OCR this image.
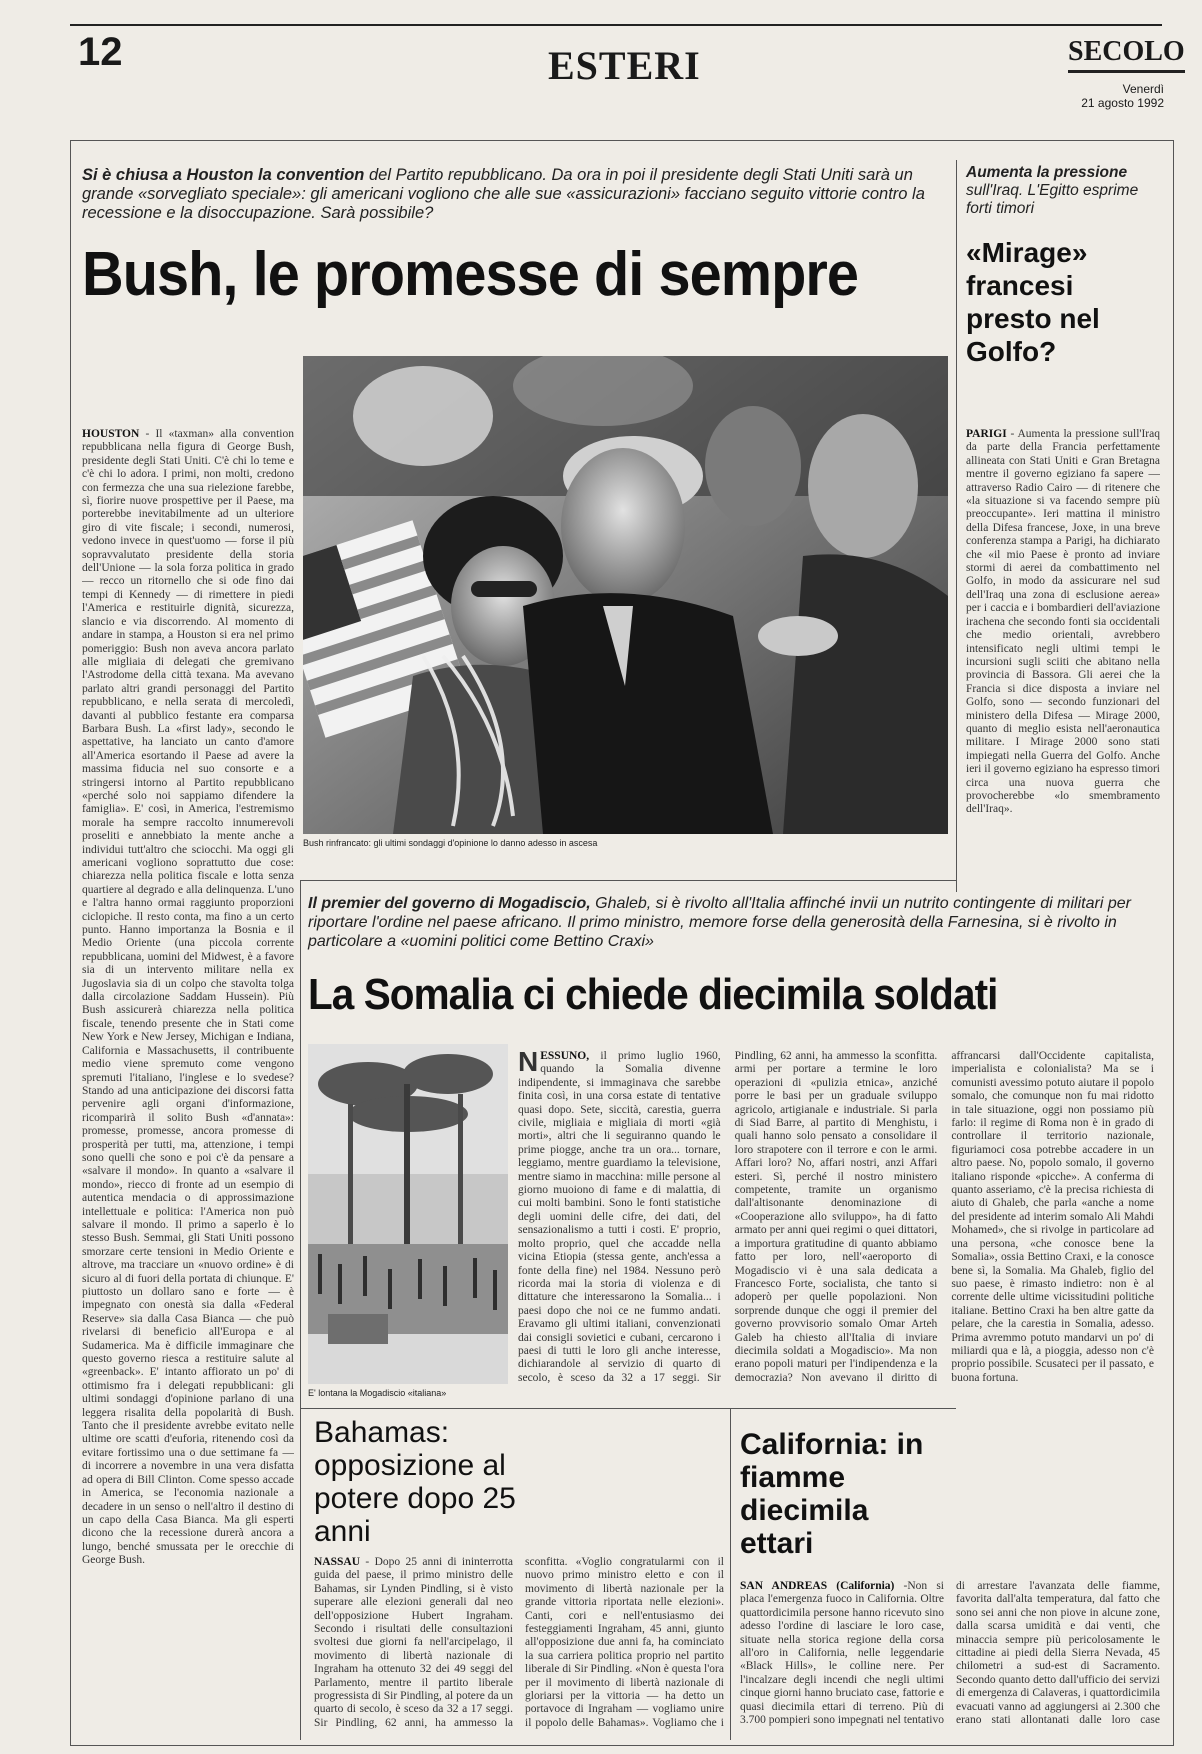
12	ESTERI	SECOLO
Venerdì
21 agosto 1992
Si è chiusa a Houston la convention del Partito repubblicano. Da ora in poi il presidente degli Stati Uniti sarà un grande «sorvegliato speciale»: gli americani vogliono che alle sue «assicurazioni» facciano seguito vittorie contro la recessione e la disoccupazione. Sarà possibile?
Bush, le promesse di sempre
Bush rinfrancato: gli ultimi sondaggi d'opinione lo danno adesso in ascesa
HOUSTON - Il «taxman» alla convention repubblicana nella figura di George Bush, presidente degli Stati Uniti. C'è chi lo teme e c'è chi lo adora. I primi, non molti, credono con fermezza che una sua rielezione farebbe, sì, fiorire nuove prospettive per il Paese, ma porterebbe inevitabilmente ad un ulteriore giro di vite fiscale; i secondi, numerosi, vedono invece in quest'uomo — forse il più sopravvalutato presidente della storia dell'Unione — la sola forza politica in grado — recco un ritornello che si ode fino dai tempi di Kennedy — di rimettere in piedi l'America e restituirle dignità, sicurezza, slancio e via discorrendo. Al momento di andare in stampa, a Houston si era nel primo pomeriggio: Bush non aveva ancora parlato alle migliaia di delegati che gremivano l'Astrodome della città texana. Ma avevano parlato altri grandi personaggi del Partito repubblicano, e nella serata di mercoledì, davanti al pubblico festante era comparsa Barbara Bush. La «first lady», secondo le aspettative, ha lanciato un canto d'amore all'America esortando il Paese ad avere la massima fiducia nel suo consorte e a stringersi intorno al Partito repubblicano «perché solo noi sappiamo difendere la famiglia». E' così, in America, l'estremismo morale ha sempre raccolto innumerevoli proseliti e annebbiato la mente anche a individui tutt'altro che sciocchi. Ma oggi gli americani vogliono soprattutto due cose: chiarezza nella politica fiscale e lotta senza quartiere al degrado e alla delinquenza. L'uno e l'altra hanno ormai raggiunto proporzioni ciclopiche. Il resto conta, ma fino a un certo punto. Hanno importanza la Bosnia e il Medio Oriente (una piccola corrente repubblicana, uomini del Midwest, è a favore sia di un intervento militare nella ex Jugoslavia sia di un colpo che stavolta tolga dalla circolazione Saddam Hussein). Più Bush assicurerà chiarezza nella politica fiscale, tenendo presente che in Stati come New York e New Jersey, Michigan e Indiana, California e Massachusetts, il contribuente medio viene spremuto come vengono spremuti l'italiano, l'inglese e lo svedese? Stando ad una anticipazione dei discorsi fatta pervenire agli organi d'informazione, ricomparirà il solito Bush «d'annata»: promesse, promesse, ancora promesse di prosperità per tutti, ma, attenzione, i tempi sono quelli che sono e poi c'è da pensare a «salvare il mondo». In quanto a «salvare il mondo», riecco di fronte ad un esempio di autentica mendacia o di approssimazione intellettuale e politica: l'America non può salvare il mondo. Il primo a saperlo è lo stesso Bush. Semmai, gli Stati Uniti possono smorzare certe tensioni in Medio Oriente e altrove, ma tracciare un «nuovo ordine» è di sicuro al di fuori della portata di chiunque. E' piuttosto un dollaro sano e forte — è impegnato con onestà sia dalla «Federal Reserve» sia dalla Casa Bianca — che può rivelarsi di beneficio all'Europa e al Sudamerica. Ma è difficile immaginare che questo governo riesca a restituire salute al «greenback». E' intanto affiorato un po' di ottimismo fra i delegati repubblicani: gli ultimi sondaggi d'opinione parlano di una leggera risalita della popolarità di Bush. Tanto che il presidente avrebbe evitato nelle ultime ore scatti d'euforia, ritenendo così da evitare fortissimo una o due settimane fa — di incorrere a novembre in una vera disfatta ad opera di Bill Clinton. Come spesso accade in America, se l'economia nazionale a decadere in un senso o nell'altro il destino di un capo della Casa Bianca. Ma gli esperti dicono che la recessione durerà ancora a lungo, benché smussata per le orecchie di George Bush.
Aumenta la pressione sull'Iraq. L'Egitto esprime forti timori
«Mirage» francesi presto nel Golfo?
PARIGI - Aumenta la pressione sull'Iraq da parte della Francia perfettamente allineata con Stati Uniti e Gran Bretagna mentre il governo egiziano fa sapere — attraverso Radio Cairo — di ritenere che «la situazione si va facendo sempre più preoccupante». Ieri mattina il ministro della Difesa francese, Joxe, in una breve conferenza stampa a Parigi, ha dichiarato che «il mio Paese è pronto ad inviare stormi di aerei da combattimento nel Golfo, in modo da assicurare nel sud dell'Iraq una zona di esclusione aerea» per i caccia e i bombardieri dell'aviazione irachena che secondo fonti sia occidentali che medio orientali, avrebbero intensificato negli ultimi tempi le incursioni sugli sciiti che abitano nella provincia di Bassora. Gli aerei che la Francia si dice disposta a inviare nel Golfo, sono — secondo funzionari del ministero della Difesa — Mirage 2000, quanto di meglio esista nell'aeronautica militare. I Mirage 2000 sono stati impiegati nella Guerra del Golfo. Anche ieri il governo egiziano ha espresso timori circa una nuova guerra che provocherebbe «lo smembramento dell'Iraq».
Il premier del governo di Mogadiscio, Ghaleb, si è rivolto all'Italia affinché invii un nutrito contingente di militari per riportare l'ordine nel paese africano. Il primo ministro, memore forse della generosità della Farnesina, si è rivolto in particolare a «uomini politici come Bettino Craxi»
La Somalia ci chiede diecimila soldati
E' lontana la Mogadiscio «italiana»
NESSUNO, il primo luglio 1960, quando la Somalia divenne indipendente, si immaginava che sarebbe finita così, in una corsa estate di tentative quasi dopo. Sete, siccità, carestia, guerra civile, migliaia e migliaia di morti «già morti», altri che li seguiranno quando le prime piogge, anche tra un ora... tornare, leggiamo, mentre guardiamo la televisione, mentre siamo in macchina: mille persone al giorno muoiono di fame e di malattia, di cui molti bambini. Sono le fonti statistiche degli uomini delle cifre, dei dati, del sensazionalismo a tutti i costi. E' proprio, molto proprio, quel che accadde nella vicina Etiopia (stessa gente, anch'essa a fonte della fine) nel 1984. Nessuno però ricorda mai la storia di violenza e di dittature che interessarono la Somalia... i paesi dopo che noi ce ne fummo andati. Eravamo gli ultimi italiani, convenzionati dai consigli sovietici e cubani, cercarono i paesi di tutti le loro gli anche interesse, dichiarandole al servizio di quarto di secolo, è sceso da 32 a 17 seggi. Sir Pindling, 62 anni, ha ammesso la sconfitta. armi per portare a termine le loro operazioni di «pulizia etnica», anziché porre le basi per un graduale sviluppo agricolo, artigianale e industriale. Si parla di Siad Barre, al partito di Menghistu, i quali hanno solo pensato a consolidare il loro strapotere con il terrore e con le armi. Affari loro? No, affari nostri, anzi Affari esteri. Sì, perché il nostro ministero competente, tramite un organismo dall'altisonante denominazione di «Cooperazione allo sviluppo», ha di fatto armato per anni quei regimi o quei dittatori, a importura gratitudine di quanto abbiamo fatto per loro, nell'«aeroporto di Mogadiscio vi è una sala dedicata a Francesco Forte, socialista, che tanto si adoperò per quelle popolazioni. Non sorprende dunque che oggi il premier del governo provvisorio somalo Omar Arteh Galeb ha chiesto all'Italia di inviare diecimila soldati a Mogadiscio». Ma non erano popoli maturi per l'indipendenza e la democrazia? Non avevano il diritto di affrancarsi dall'Occidente capitalista, imperialista e colonialista? Ma se i comunisti avessimo potuto aiutare il popolo somalo, che comunque non fu mai ridotto in tale situazione, oggi non possiamo più farlo: il regime di Roma non è in grado di controllare il territorio nazionale, figuriamoci cosa potrebbe accadere in un altro paese. No, popolo somalo, il governo italiano risponde «picche». A conferma di quanto asseriamo, c'è la precisa richiesta di aiuto di Ghaleb, che parla «anche a nome del presidente ad interim somalo Ali Mahdi Mohamed», che si rivolge in particolare ad una persona, «che conosce bene la Somalia», ossia Bettino Craxi, e la conosce bene sì, la Somalia. Ma Ghaleb, figlio del suo paese, è rimasto indietro: non è al corrente delle ultime vicissitudini politiche italiane. Bettino Craxi ha ben altre gatte da pelare, che la carestia in Somalia, adesso. Prima avremmo potuto mandarvi un po' di miliardi qua e là, a pioggia, adesso non c'è proprio possibile. Scusateci per il passato, e buona fortuna.
Bahamas: opposizione al potere dopo 25 anni
NASSAU - Dopo 25 anni di ininterrotta guida del paese, il primo ministro delle Bahamas, sir Lynden Pindling, si è visto superare alle elezioni generali dal neo dell'opposizione Hubert Ingraham. Secondo i risultati delle consultazioni svoltesi due giorni fa nell'arcipelago, il movimento di libertà nazionale di Ingraham ha ottenuto 32 dei 49 seggi del Parlamento, mentre il partito liberale progressista di Sir Pindling, al potere da un quarto di secolo, è sceso da 32 a 17 seggi. Sir Pindling, 62 anni, ha ammesso la sconfitta. «Voglio congratularmi con il nuovo primo ministro eletto e con il movimento di libertà nazionale per la grande vittoria riportata nelle elezioni». Canti, cori e nell'entusiasmo dei festeggiamenti Ingraham, 45 anni, giunto all'opposizione due anni fa, ha cominciato la sua carriera politica proprio nel partito liberale di Sir Pindling. «Non è questa l'ora per il movimento di libertà nazionale di gloriarsi per la vittoria — ha detto un portavoce di Ingraham — vogliamo unire il popolo delle Bahamas». Vogliamo che i
California: in fiamme diecimila ettari
SAN ANDREAS (California) -Non si placa l'emergenza fuoco in California. Oltre quattordicimila persone hanno ricevuto sino adesso l'ordine di lasciare le loro case, situate nella storica regione della corsa all'oro in California, nelle leggendarie «Black Hills», le colline nere. Per l'incalzare degli incendi che negli ultimi cinque giorni hanno bruciato case, fattorie e quasi diecimila ettari di terreno. Più di 3.700 pompieri sono impegnati nel tentativo di arrestare l'avanzata delle fiamme, favorita dall'alta temperatura, dal fatto che sono sei anni che non piove in alcune zone, dalla scarsa umidità e dai venti, che minaccia sempre più pericolosamente le cittadine ai piedi della Sierra Nevada, 45 chilometri a sud-est di Sacramento. Secondo quanto detto dall'ufficio dei servizi di emergenza di Calaveras, i quattordicimila evacuati vanno ad aggiungersi ai 2.300 che erano stati allontanati dalle loro case
